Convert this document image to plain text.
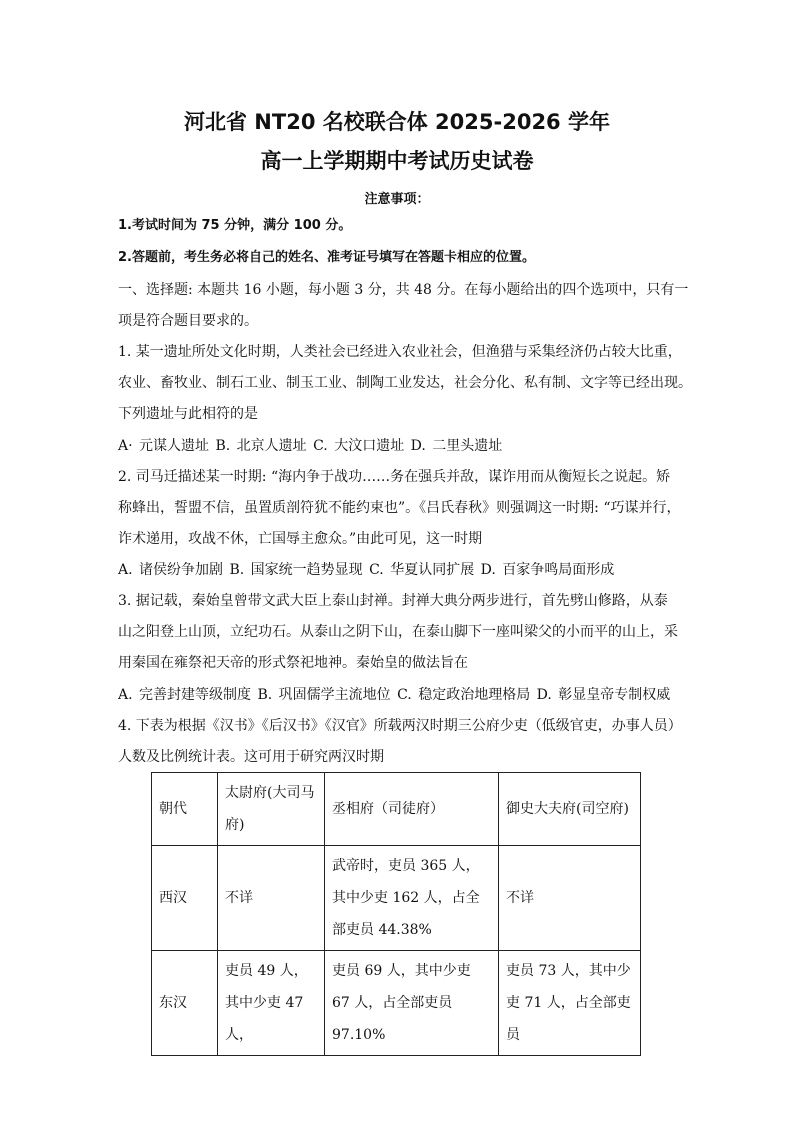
河北省 NT20 名校联合体 2025-2026 学年
高一上学期期中考试历史试卷
注意事项：
1.考试时间为 75 分钟，满分 100 分。
2.答题前，考生务必将自己的姓名、准考证号填写在答题卡相应的位置。
一、选择题: 本题共 16 小题，每小题 3 分，共 48 分。在每小题给出的四个选项中，只有一
项是符合题目要求的。
1. 某一遗址所处文化时期，人类社会已经进入农业社会，但渔猎与采集经济仍占较大比重，
农业、畜牧业、制石工业、制玉工业、制陶工业发达，社会分化、私有制、文字等已经出现。
下列遗址与此相符的是
A· 元谋人遗址 B. 北京人遗址 C. 大汶口遗址 D. 二里头遗址
2. 司马迁描述某一时期: “海内争于战功……务在强兵并敌，谋诈用而从衡短长之说起。矫
称蜂出，誓盟不信，虽置质剖符犹不能约束也”。《吕氏春秋》则强调这一时期: “巧谋并行，
诈术递用，攻战不休，亡国辱主愈众。”由此可见，这一时期
A. 诸侯纷争加剧 B. 国家统一趋势显现 C. 华夏认同扩展 D. 百家争鸣局面形成
3. 据记载，秦始皇曾带文武大臣上泰山封禅。封禅大典分两步进行，首先劈山修路，从泰
山之阳登上山顶，立纪功石。从泰山之阴下山，在泰山脚下一座叫梁父的小而平的山上，采
用秦国在雍祭祀天帝的形式祭祀地神。秦始皇的做法旨在
A. 完善封建等级制度 B. 巩固儒学主流地位 C. 稳定政治地理格局 D. 彰显皇帝专制权威
4. 下表为根据《汉书》《后汉书》《汉官》所载两汉时期三公府少吏（低级官吏，办事人员）
人数及比例统计表。这可用于研究两汉时期
朝代	太尉府(大司马府)	丞相府（司徒府）	御史大夫府(司空府)
西汉	不详	武帝时，吏员 365 人，其中少吏 162 人，占全部吏员 44.38%	不详
东汉	吏员 49 人，其中少吏 47 人，	吏员 69 人，其中少吏 67 人，占全部吏员 97.10%	吏员 73 人，其中少吏 71 人，占全部吏员
